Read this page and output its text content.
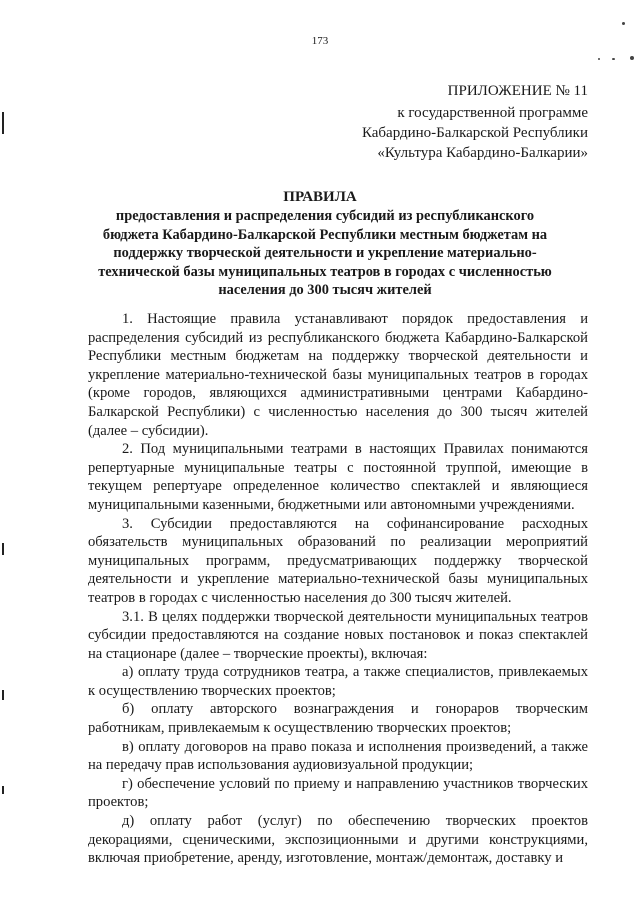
173
ПРИЛОЖЕНИЕ № 11
к государственной программе
Кабардино-Балкарской Республики
«Культура Кабардино-Балкарии»
ПРАВИЛА
предоставления и распределения субсидий из республиканского бюджета Кабардино-Балкарской Республики местным бюджетам на поддержку творческой деятельности и укрепление материально-технической базы муниципальных театров в городах с численностью населения до 300 тысяч жителей

1. Настоящие правила устанавливают порядок предоставления и распределения субсидий из республиканского бюджета Кабардино-Балкарской Республики местным бюджетам на поддержку творческой деятельности и укрепление материально-технической базы муниципальных театров в городах (кроме городов, являющихся административными центрами Кабардино-Балкарской Республики) с численностью населения до 300 тысяч жителей (далее – субсидии).

2. Под муниципальными театрами в настоящих Правилах понимаются репертуарные муниципальные театры с постоянной труппой, имеющие в текущем репертуаре определенное количество спектаклей и являющиеся муниципальными казенными, бюджетными или автономными учреждениями.

3. Субсидии предоставляются на софинансирование расходных обязательств муниципальных образований по реализации мероприятий муниципальных программ, предусматривающих поддержку творческой деятельности и укрепление материально-технической базы муниципальных театров в городах с численностью населения до 300 тысяч жителей.

3.1. В целях поддержки творческой деятельности муниципальных театров субсидии предоставляются на создание новых постановок и показ спектаклей на стационаре (далее – творческие проекты), включая:

а) оплату труда сотрудников театра, а также специалистов, привлекаемых к осуществлению творческих проектов;

б) оплату авторского вознаграждения и гонораров творческим работникам, привлекаемым к осуществлению творческих проектов;

в) оплату договоров на право показа и исполнения произведений, а также на передачу прав использования аудиовизуальной продукции;

г) обеспечение условий по приему и направлению участников творческих проектов;

д) оплату работ (услуг) по обеспечению творческих проектов декорациями, сценическими, экспозиционными и другими конструкциями, включая приобретение, аренду, изготовление, монтаж/демонтаж, доставку и
